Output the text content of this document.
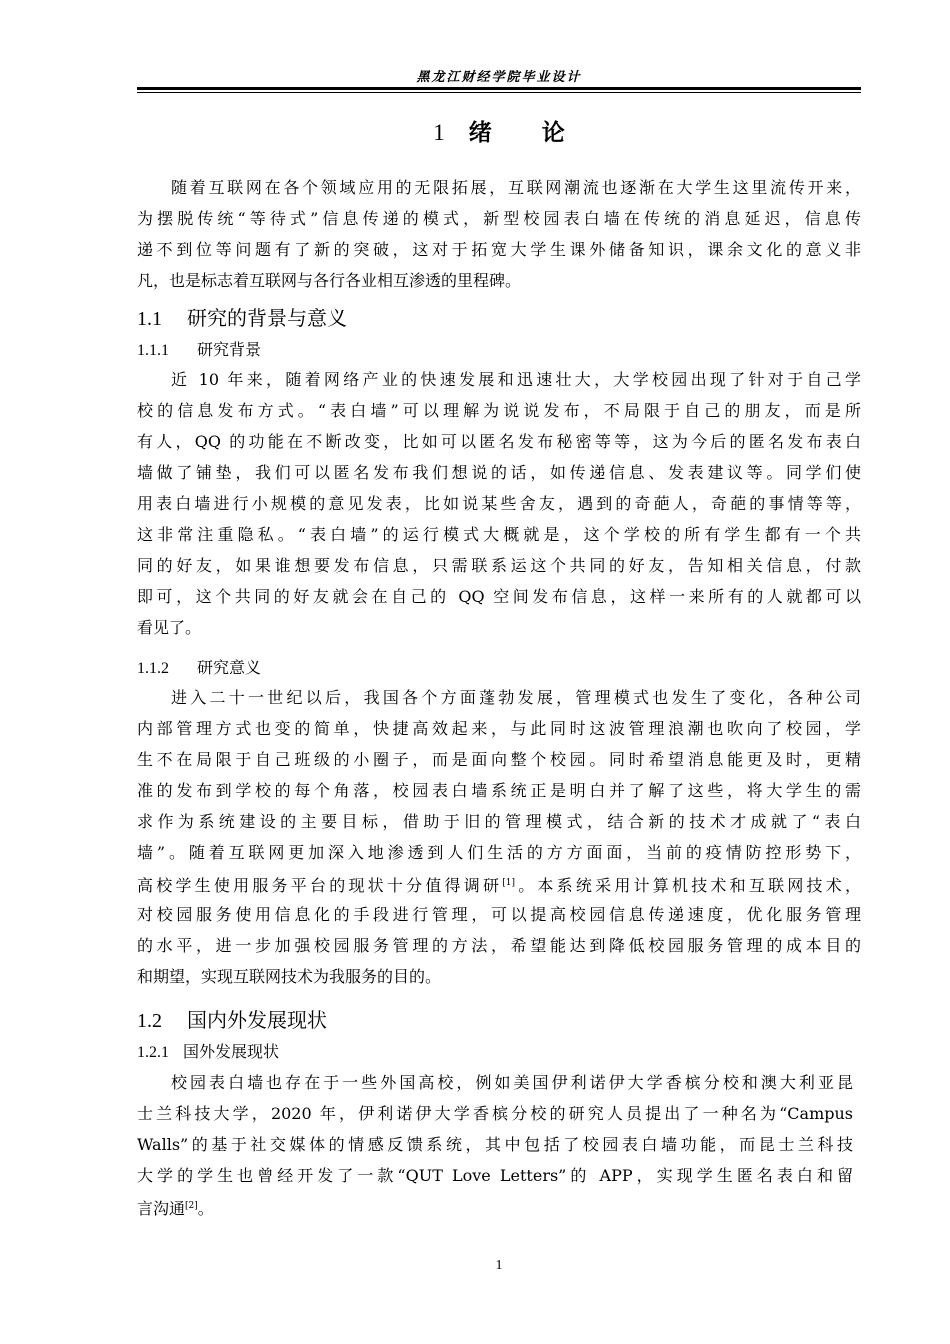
黑龙江财经学院毕业设计
1 绪 论
随着互联网在各个领域应用的无限拓展，互联网潮流也逐渐在大学生这里流传开来，
为摆脱传统“等待式”信息传递的模式，新型校园表白墙在传统的消息延迟，信息传
递不到位等问题有了新的突破，这对于拓宽大学生课外储备知识，课余文化的意义非
凡，也是标志着互联网与各行各业相互渗透的里程碑。
1.1 研究的背景与意义
1.1.1 研究背景
近 10 年来，随着网络产业的快速发展和迅速壮大，大学校园出现了针对于自己学
校的信息发布方式。“表白墙”可以理解为说说发布，不局限于自己的朋友，而是所
有人，QQ 的功能在不断改变，比如可以匿名发布秘密等等，这为今后的匿名发布表白
墙做了铺垫，我们可以匿名发布我们想说的话，如传递信息、发表建议等。同学们使
用表白墙进行小规模的意见发表，比如说某些舍友，遇到的奇葩人，奇葩的事情等等，
这非常注重隐私。“表白墙”的运行模式大概就是，这个学校的所有学生都有一个共
同的好友，如果谁想要发布信息，只需联系运这个共同的好友，告知相关信息，付款
即可，这个共同的好友就会在自己的 QQ 空间发布信息，这样一来所有的人就都可以
看见了。
1.1.2 研究意义
进入二十一世纪以后，我国各个方面蓬勃发展，管理模式也发生了变化，各种公司
内部管理方式也变的简单，快捷高效起来，与此同时这波管理浪潮也吹向了校园，学
生不在局限于自己班级的小圈子，而是面向整个校园。同时希望消息能更及时，更精
准的发布到学校的每个角落，校园表白墙系统正是明白并了解了这些，将大学生的需
求作为系统建设的主要目标，借助于旧的管理模式，结合新的技术才成就了“表白
墙”。随着互联网更加深入地渗透到人们生活的方方面面，当前的疫情防控形势下，
高校学生使用服务平台的现状十分值得调研[1]。本系统采用计算机技术和互联网技术，
对校园服务使用信息化的手段进行管理，可以提高校园信息传递速度，优化服务管理
的水平，进一步加强校园服务管理的方法，希望能达到降低校园服务管理的成本目的
和期望，实现互联网技术为我服务的目的。
1.2 国内外发展现状
1.2.1 国外发展现状
校园表白墙也存在于一些外国高校，例如美国伊利诺伊大学香槟分校和澳大利亚昆
士兰科技大学，2020 年，伊利诺伊大学香槟分校的研究人员提出了一种名为“Campus
Walls”的基于社交媒体的情感反馈系统，其中包括了校园表白墙功能，而昆士兰科技
大学的学生也曾经开发了一款“QUT Love Letters”的 APP，实现学生匿名表白和留
言沟通[2]。
1
